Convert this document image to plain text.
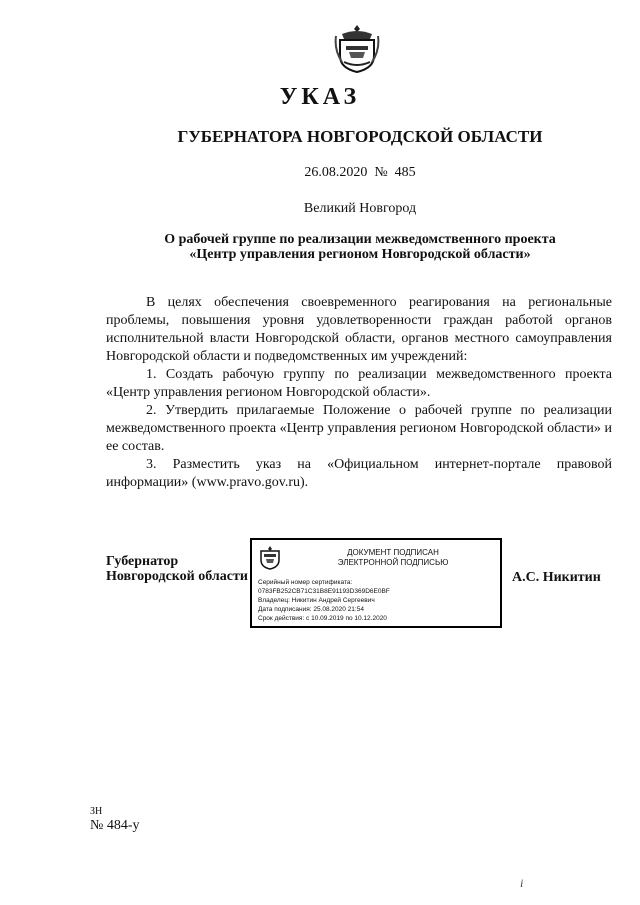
УКАЗ
ГУБЕРНАТОРА НОВГОРОДСКОЙ ОБЛАСТИ
26.08.2020 № 485
Великий Новгород
О рабочей группе по реализации межведомственного проекта
«Центр управления регионом Новгородской области»

В целях обеспечения своевременного реагирования на региональные проблемы, повышения уровня удовлетворенности граждан работой органов исполнительной власти Новгородской области, органов местного самоуправления Новгородской области и подведомственных им учреждений:

1. Создать рабочую группу по реализации межведомственного проекта «Центр управления регионом Новгородской области».

2. Утвердить прилагаемые Положение о рабочей группе по реализации межведомственного проекта «Центр управления регионом Новгородской области» и ее состав.

3. Разместить указ на «Официальном интернет-портале правовой информации» (www.pravo.gov.ru).

Губернатор
Новгородской области
ДОКУМЕНТ ПОДПИСАН
ЭЛЕКТРОННОЙ ПОДПИСЬЮ
Серийный номер сертификата:
0783FB252CB71C31B8E91193D369D6E0BF
Владелец: Никитин Андрей Сергеевич
Дата подписания: 25.08.2020 21:54
Срок действия: с 10.09.2019 по 10.12.2020
А.С. Никитин
ЗН
№ 484-у
i
